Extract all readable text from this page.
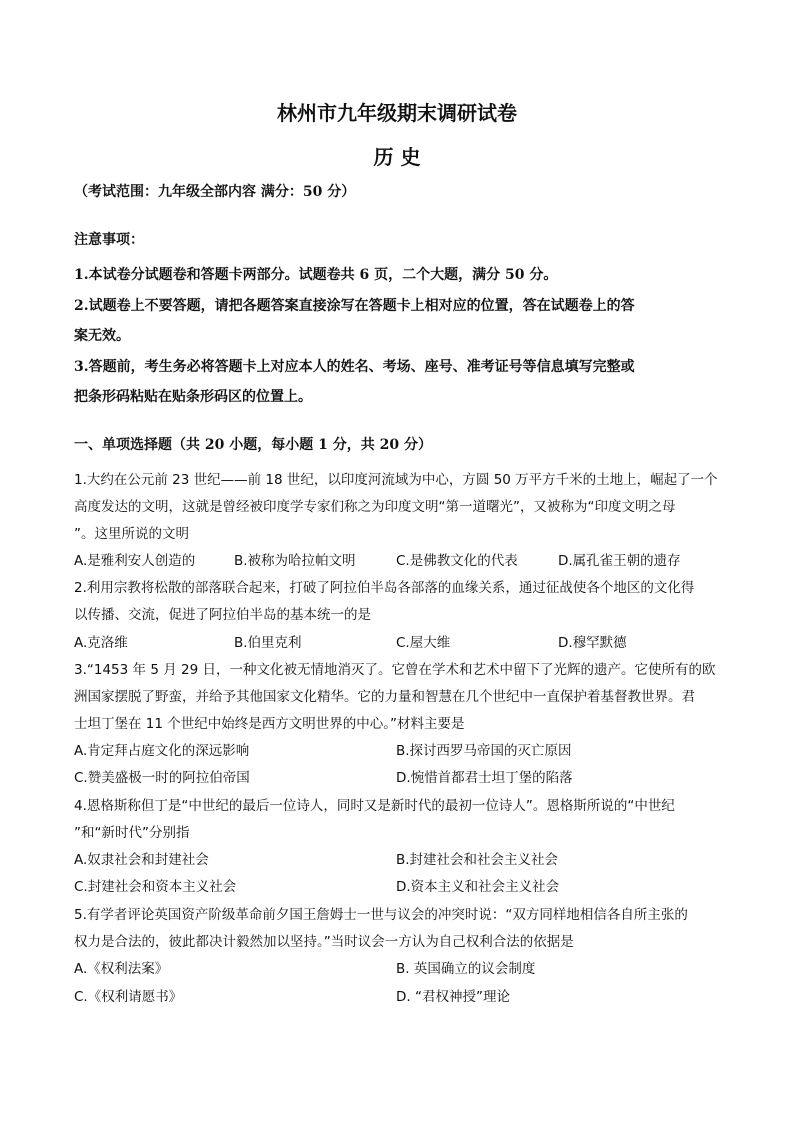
林州市九年级期末调研试卷
历 史
（考试范围：九年级全部内容 满分：50 分）
注意事项：
1.本试卷分试题卷和答题卡两部分。试题卷共 6 页，二个大题，满分 50 分。
2.试题卷上不要答题，请把各题答案直接涂写在答题卡上相对应的位置，答在试题卷上的答
案无效。
3.答题前，考生务必将答题卡上对应本人的姓名、考场、座号、准考证号等信息填写完整或
把条形码粘贴在贴条形码区的位置上。
一、单项选择题（共 20 小题，每小题 1 分，共 20 分）
1.大约在公元前 23 世纪——前 18 世纪，以印度河流域为中心，方圆 50 万平方千米的土地上，崛起了一个
高度发达的文明，这就是曾经被印度学专家们称之为印度文明“第一道曙光”，又被称为“印度文明之母
”。这里所说的文明
A.是雅利安人创造的	B.被称为哈拉帕文明	C.是佛教文化的代表	D.属孔雀王朝的遗存
2.利用宗教将松散的部落联合起来，打破了阿拉伯半岛各部落的血缘关系，通过征战使各个地区的文化得
以传播、交流，促进了阿拉伯半岛的基本统一的是
A.克洛维	B.伯里克利	C.屋大维	D.穆罕默德
3.“1453 年 5 月 29 日，一种文化被无情地消灭了。它曾在学术和艺术中留下了光辉的遗产。它使所有的欧
洲国家摆脱了野蛮，并给予其他国家文化精华。它的力量和智慧在几个世纪中一直保护着基督教世界。君
士坦丁堡在 11 个世纪中始终是西方文明世界的中心。”材料主要是
A.肯定拜占庭文化的深远影响	B.探讨西罗马帝国的灭亡原因
C.赞美盛极一时的阿拉伯帝国	D.惋惜首都君士坦丁堡的陷落
4.恩格斯称但丁是“中世纪的最后一位诗人，同时又是新时代的最初一位诗人”。恩格斯所说的“中世纪
”和“新时代”分别指
A.奴隶社会和封建社会	B.封建社会和社会主义社会
C.封建社会和资本主义社会	D.资本主义和社会主义社会
5.有学者评论英国资产阶级革命前夕国王詹姆士一世与议会的冲突时说：“双方同样地相信各自所主张的
权力是合法的，彼此都决计毅然加以坚持。”当时议会一方认为自己权利合法的依据是
A.《权利法案》	B. 英国确立的议会制度
C.《权利请愿书》	D. “君权神授”理论
